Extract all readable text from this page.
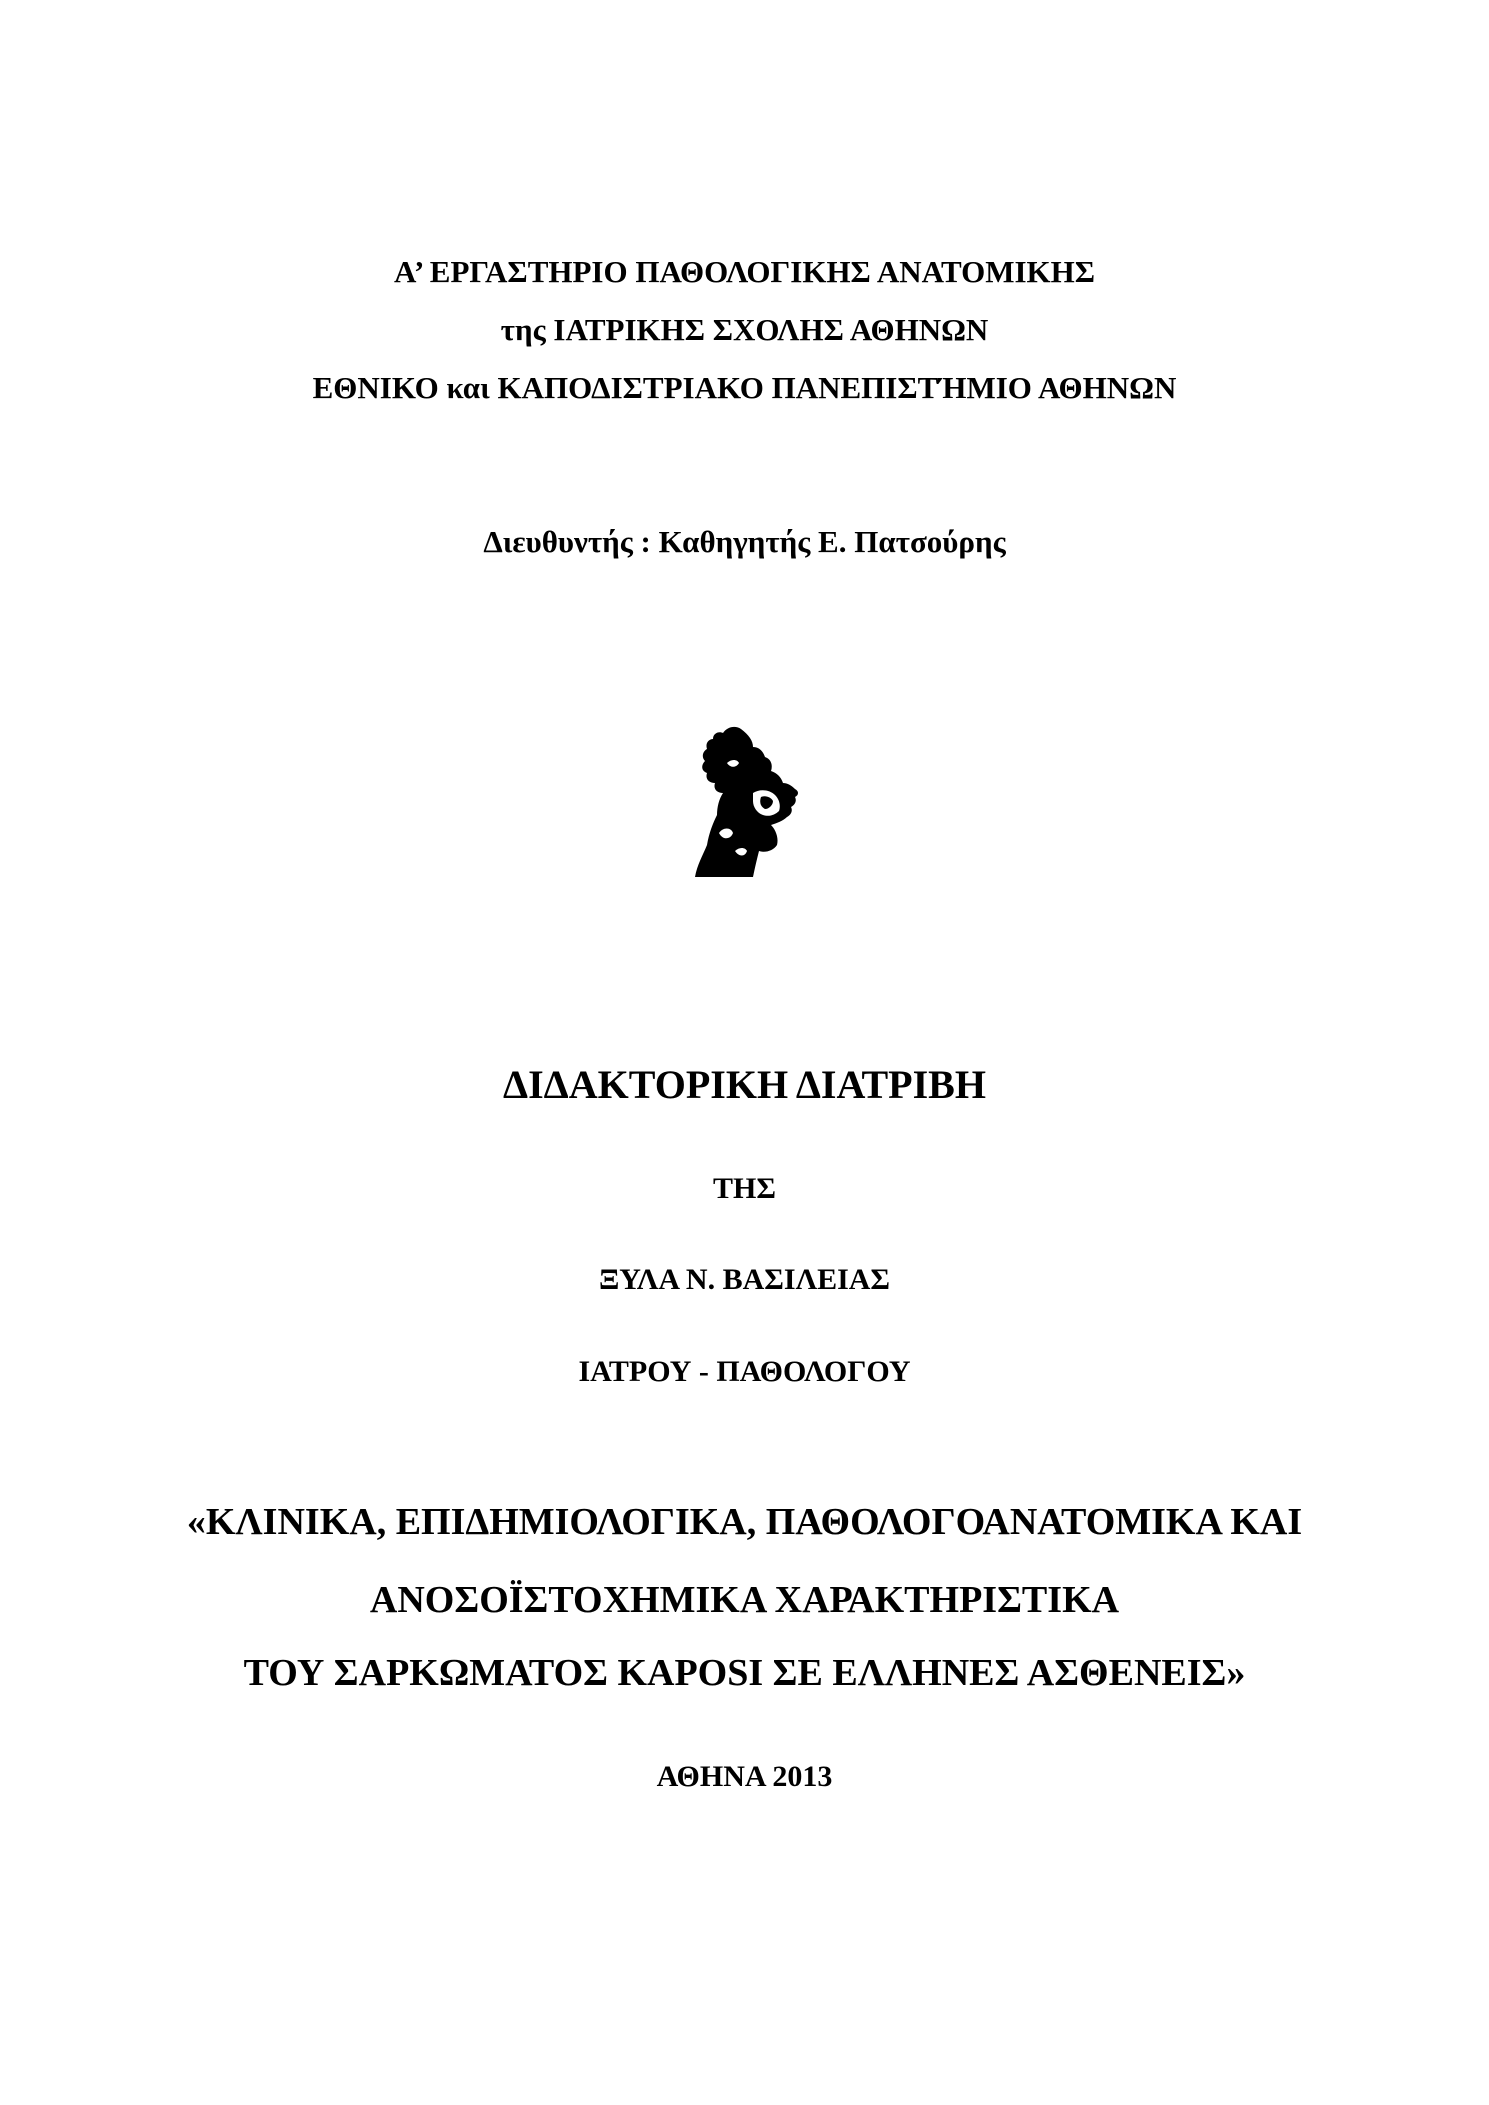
Α’ ΕΡΓΑΣΤΗΡΙΟ ΠΑΘΟΛΟΓΙΚΗΣ ΑΝΑΤΟΜΙΚΗΣ
της ΙΑΤΡΙΚΗΣ ΣΧΟΛΗΣ ΑΘΗΝΩΝ
ΕΘΝΙΚΟ και ΚΑΠΟΔΙΣΤΡΙΑΚΟ ΠΑΝΕΠΙΣΤΉΜΙΟ ΑΘΗΝΩΝ
Διευθυντής : Καθηγητής Ε. Πατσούρης
ΔΙΔΑΚΤΟΡΙΚΗ ΔΙΑΤΡΙΒΗ
ΤΗΣ
ΞΥΛΑ Ν. ΒΑΣΙΛΕΙΑΣ
ΙΑΤΡΟΥ - ΠΑΘΟΛΟΓΟΥ
«ΚΛΙΝΙΚΑ, ΕΠΙΔΗΜΙΟΛΟΓΙΚΑ, ΠΑΘΟΛΟΓΟΑΝΑΤΟΜΙΚΑ ΚΑΙ
ΑΝΟΣΟΪΣΤΟΧΗΜΙΚΑ ΧΑΡΑΚΤΗΡΙΣΤΙΚΑ
ΤΟΥ ΣΑΡΚΩΜΑΤΟΣ KAPOSI ΣΕ ΕΛΛΗΝΕΣ ΑΣΘΕΝΕΙΣ»
ΑΘΗΝΑ 2013
